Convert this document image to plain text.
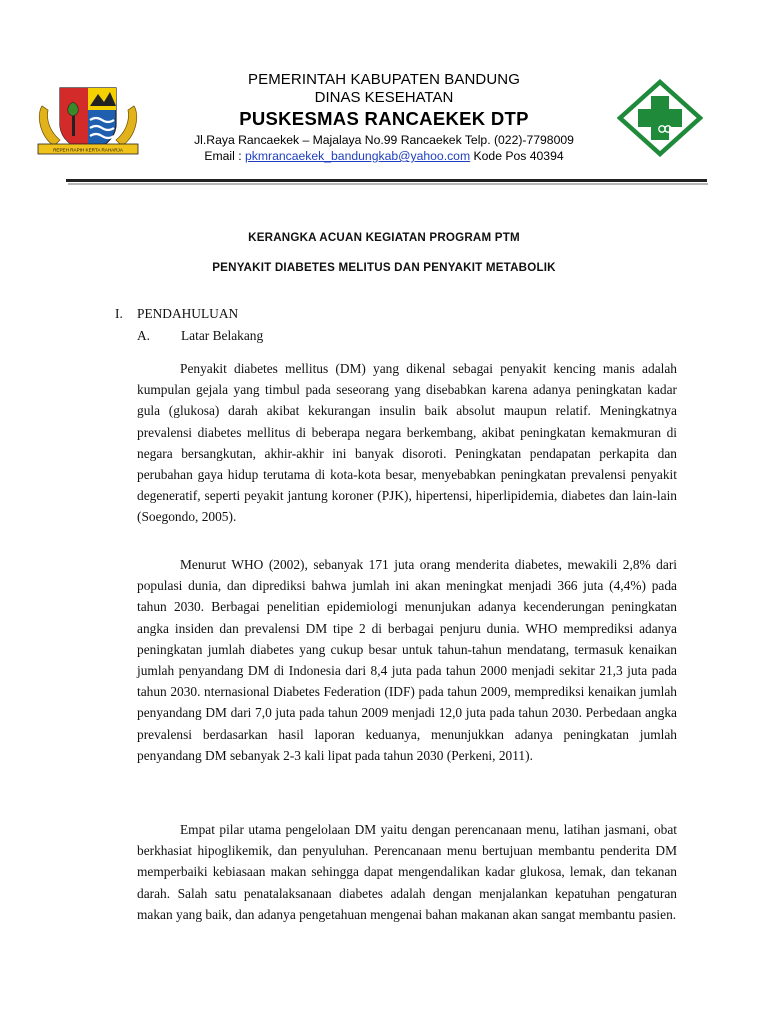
REPEH RAPIH KERTA RAHARJA
PEMERINTAH KABUPATEN BANDUNG
DINAS KESEHATAN
PUSKESMAS RANCAEKEK DTP
Jl.Raya Rancaekek – Majalaya No.99 Rancaekek Telp. (022)-7798009
Email : pkmrancaekek_bandungkab@yahoo.com Kode Pos 40394
KERANGKA ACUAN KEGIATAN PROGRAM PTM
PENYAKIT DIABETES MELITUS DAN PENYAKIT METABOLIK
I. PENDAHULUAN
A. Latar Belakang

Penyakit diabetes mellitus (DM) yang dikenal sebagai penyakit kencing manis adalah kumpulan gejala yang timbul pada seseorang yang disebabkan karena adanya peningkatan kadar gula (glukosa) darah akibat kekurangan insulin baik absolut maupun relatif. Meningkatnya prevalensi diabetes mellitus di beberapa negara berkembang, akibat peningkatan kemakmuran di negara bersangkutan, akhir-akhir ini banyak disoroti. Peningkatan pendapatan perkapita dan perubahan gaya hidup terutama di kota-kota besar, menyebabkan peningkatan prevalensi penyakit degeneratif, seperti peyakit jantung koroner (PJK), hipertensi, hiperlipidemia, diabetes dan lain-lain (Soegondo, 2005).

Menurut WHO (2002), sebanyak 171 juta orang menderita diabetes, mewakili 2,8% dari populasi dunia, dan diprediksi bahwa jumlah ini akan meningkat menjadi 366 juta (4,4%) pada tahun 2030. Berbagai penelitian epidemiologi menunjukan adanya kecenderungan peningkatan angka insiden dan prevalensi DM tipe 2 di berbagai penjuru dunia. WHO memprediksi adanya peningkatan jumlah diabetes yang cukup besar untuk tahun-tahun mendatang, termasuk kenaikan jumlah penyandang DM di Indonesia dari 8,4 juta pada tahun 2000 menjadi sekitar 21,3 juta pada tahun 2030. nternasional Diabetes Federation (IDF) pada tahun 2009, memprediksi kenaikan jumlah penyandang DM dari 7,0 juta pada tahun 2009 menjadi 12,0 juta pada tahun 2030. Perbedaan angka prevalensi berdasarkan hasil laporan keduanya, menunjukkan adanya peningkatan jumlah penyandang DM sebanyak 2-3 kali lipat pada tahun 2030 (Perkeni, 2011).

Empat pilar utama pengelolaan DM yaitu dengan perencanaan menu, latihan jasmani, obat berkhasiat hipoglikemik, dan penyuluhan. Perencanaan menu bertujuan membantu penderita DM memperbaiki kebiasaan makan sehingga dapat mengendalikan kadar glukosa, lemak, dan tekanan darah. Salah satu penatalaksanaan diabetes adalah dengan menjalankan kepatuhan pengaturan makan yang baik, dan adanya pengetahuan mengenai bahan makanan akan sangat membantu pasien.
